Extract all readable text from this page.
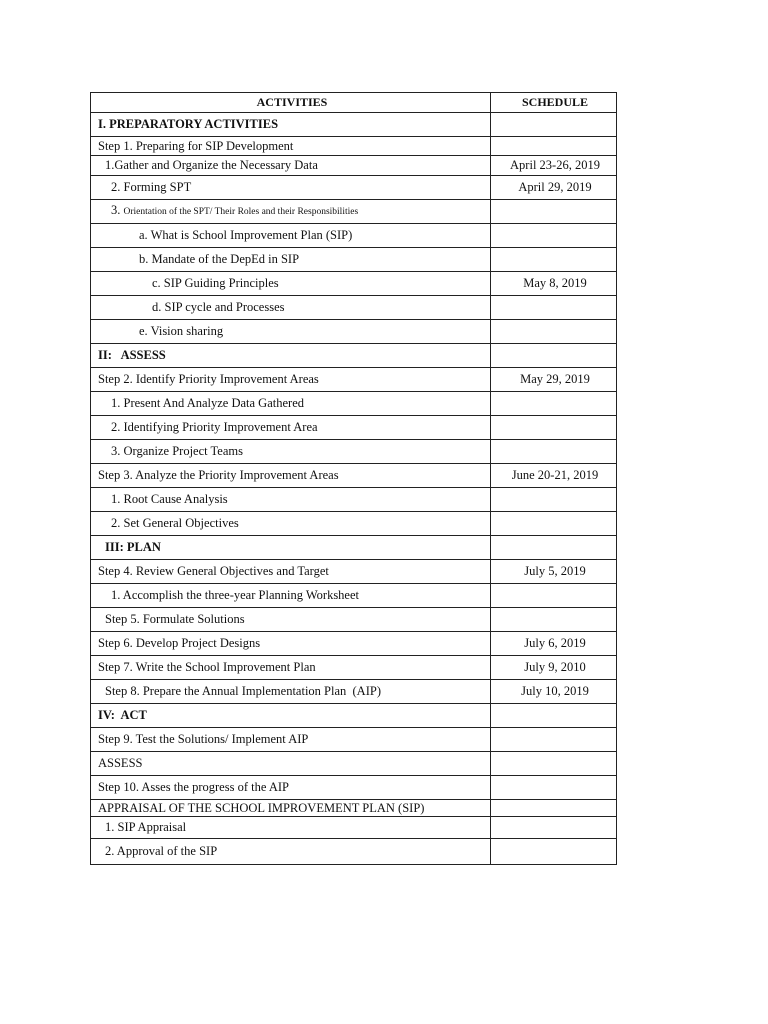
ACTIVITIES	SCHEDULE
I. PREPARATORY ACTIVITIES	
Step 1. Preparing for SIP Development	
1.Gather and Organize the Necessary Data	April 23-26, 2019
2. Forming SPT	April 29, 2019
3. Orientation of the SPT/ Their Roles and their Responsibilities	
a. What is School Improvement Plan (SIP)	
b. Mandate of the DepEd in SIP	
c. SIP Guiding Principles	May 8, 2019
d. SIP cycle and Processes	
e. Vision sharing	
II:   ASSESS	
Step 2. Identify Priority Improvement Areas	May 29, 2019
1. Present And Analyze Data Gathered	
2. Identifying Priority Improvement Area	
3. Organize Project Teams	
Step 3. Analyze the Priority Improvement Areas	June 20-21, 2019
1. Root Cause Analysis	
2. Set General Objectives	
III: PLAN	
Step 4. Review General Objectives and Target	July 5, 2019
1. Accomplish the three-year Planning Worksheet	
Step 5. Formulate Solutions	
Step 6. Develop Project Designs	July 6, 2019
Step 7. Write the School Improvement Plan	July 9, 2010
Step 8. Prepare the Annual Implementation Plan  (AIP)	July 10, 2019
IV:  ACT	
Step 9. Test the Solutions/ Implement AIP	
ASSESS	
Step 10. Asses the progress of the AIP	
APPRAISAL OF THE SCHOOL IMPROVEMENT PLAN (SIP)	
1. SIP Appraisal	
2. Approval of the SIP	
